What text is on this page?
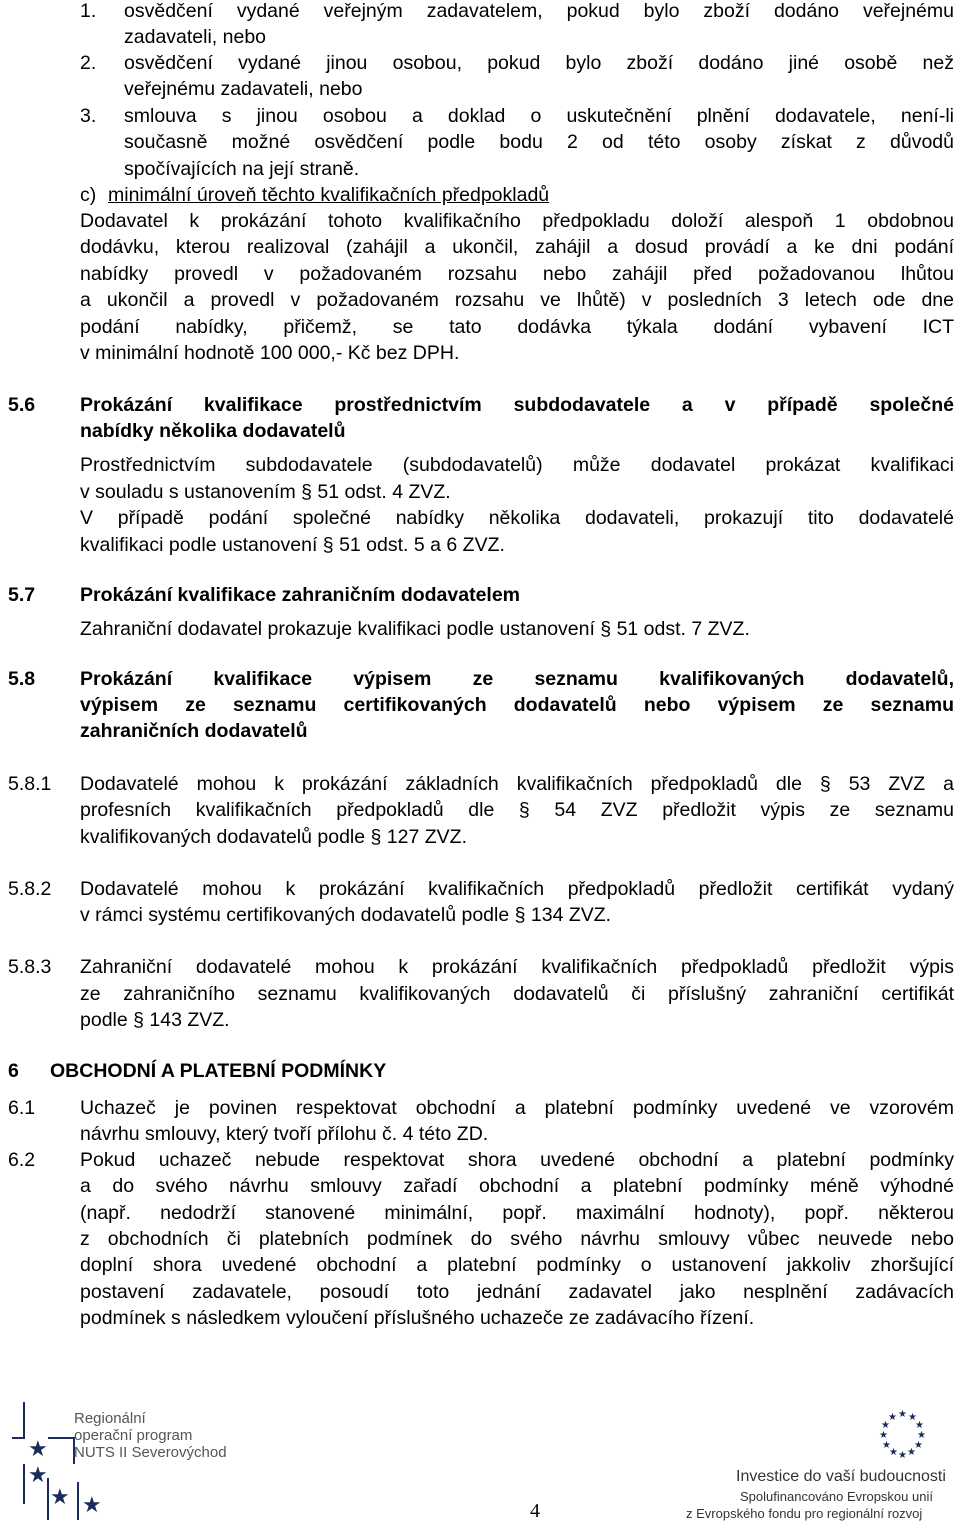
1. osvědčení vydané veřejným zadavatelem, pokud bylo zboží dodáno veřejnému
zadavateli, nebo
2. osvědčení vydané jinou osobou, pokud bylo zboží dodáno jiné osobě než
veřejnému zadavateli, nebo
3. smlouva s jinou osobou a doklad o uskutečnění plnění dodavatele, není-li
současně možné osvědčení podle bodu 2 od této osoby získat z důvodů
spočívajících na její straně.
c) minimální úroveň těchto kvalifikačních předpokladů
Dodavatel k prokázání tohoto kvalifikačního předpokladu doloží alespoň 1 obdobnou
dodávku, kterou realizoval (zahájil a ukončil, zahájil a dosud provádí a ke dni podání
nabídky provedl v požadovaném rozsahu nebo zahájil před požadovanou lhůtou
a ukončil a provedl v požadovaném rozsahu ve lhůtě) v posledních 3 letech ode dne
podání nabídky, přičemž, se tato dodávka týkala dodání vybavení ICT
v minimální hodnotě 100 000,- Kč bez DPH.
5.6 Prokázání kvalifikace prostřednictvím subdodavatele a v případě společné
nabídky několika dodavatelů
Prostřednictvím subdodavatele (subdodavatelů) může dodavatel prokázat kvalifikaci
v souladu s ustanovením § 51 odst. 4 ZVZ.
V případě podání společné nabídky několika dodavateli, prokazují tito dodavatelé
kvalifikaci podle ustanovení § 51 odst. 5 a 6 ZVZ.
5.7 Prokázání kvalifikace zahraničním dodavatelem
Zahraniční dodavatel prokazuje kvalifikaci podle ustanovení § 51 odst. 7 ZVZ.
5.8 Prokázání kvalifikace výpisem ze seznamu kvalifikovaných dodavatelů,
výpisem ze seznamu certifikovaných dodavatelů nebo výpisem ze seznamu
zahraničních dodavatelů
5.8.1 Dodavatelé mohou k prokázání základních kvalifikačních předpokladů dle § 53 ZVZ a
profesních kvalifikačních předpokladů dle § 54 ZVZ předložit výpis ze seznamu
kvalifikovaných dodavatelů podle § 127 ZVZ.
5.8.2 Dodavatelé mohou k prokázání kvalifikačních předpokladů předložit certifikát vydaný
v rámci systému certifikovaných dodavatelů podle § 134 ZVZ.
5.8.3 Zahraniční dodavatelé mohou k prokázání kvalifikačních předpokladů předložit výpis
ze zahraničního seznamu kvalifikovaných dodavatelů či příslušný zahraniční certifikát
podle § 143 ZVZ.
6 OBCHODNÍ A PLATEBNÍ PODMÍNKY
6.1 Uchazeč je povinen respektovat obchodní a platební podmínky uvedené ve vzorovém
návrhu smlouvy, který tvoří přílohu č. 4 této ZD.
6.2 Pokud uchazeč nebude respektovat shora uvedené obchodní a platební podmínky
a do svého návrhu smlouvy zařadí obchodní a platební podmínky méně výhodné
(např. nedodrží stanovené minimální, popř. maximální hodnoty), popř. některou
z obchodních či platebních podmínek do svého návrhu smlouvy vůbec neuvede nebo
doplní shora uvedené obchodní a platební podmínky o ustanovení jakkoliv zhoršující
postavení zadavatele, posoudí toto jednání zadavatel jako nesplnění zadávacích
podmínek s následkem vyloučení příslušného uchazeče ze zadávacího řízení.
★
★
★ ★
Regionální
operační program
NUTS II Severovýchod
4
★ ★
★
★
★
★
★
★
★
★
★
★
Investice do vaší budoucnosti
Spolufinancováno Evropskou unií
z Evropského fondu pro regionální rozvoj
